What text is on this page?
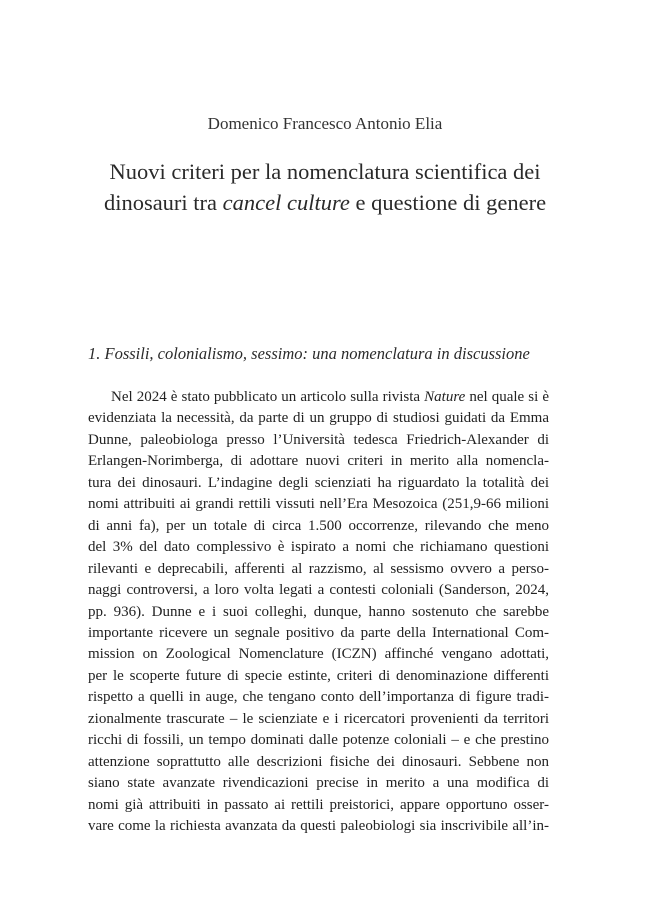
Domenico Francesco Antonio Elia
Nuovi criteri per la nomenclatura scientifica dei
dinosauri tra cancel culture e questione di genere
1. Fossili, colonialismo, sessimo: una nomenclatura in discussione
Nel 2024 è stato pubblicato un articolo sulla rivista Nature nel quale si è
evidenziata la necessità, da parte di un gruppo di studiosi guidati da Emma
Dunne, paleobiologa presso l’Università tedesca Friedrich-Alexander di
Erlangen-Norimberga, di adottare nuovi criteri in merito alla nomencla-
tura dei dinosauri. L’indagine degli scienziati ha riguardato la totalità dei
nomi attribuiti ai grandi rettili vissuti nell’Era Mesozoica (251,9-66 milioni
di anni fa), per un totale di circa 1.500 occorrenze, rilevando che meno
del 3% del dato complessivo è ispirato a nomi che richiamano questioni
rilevanti e deprecabili, afferenti al razzismo, al sessismo ovvero a perso-
naggi controversi, a loro volta legati a contesti coloniali (Sanderson, 2024,
pp. 936). Dunne e i suoi colleghi, dunque, hanno sostenuto che sarebbe
importante ricevere un segnale positivo da parte della International Com-
mission on Zoological Nomenclature (ICZN) affinché vengano adottati,
per le scoperte future di specie estinte, criteri di denominazione differenti
rispetto a quelli in auge, che tengano conto dell’importanza di figure tradi-
zionalmente trascurate – le scienziate e i ricercatori provenienti da territori
ricchi di fossili, un tempo dominati dalle potenze coloniali – e che prestino
attenzione soprattutto alle descrizioni fisiche dei dinosauri. Sebbene non
siano state avanzate rivendicazioni precise in merito a una modifica di
nomi già attribuiti in passato ai rettili preistorici, appare opportuno osser-
vare come la richiesta avanzata da questi paleobiologi sia inscrivibile all’in-
